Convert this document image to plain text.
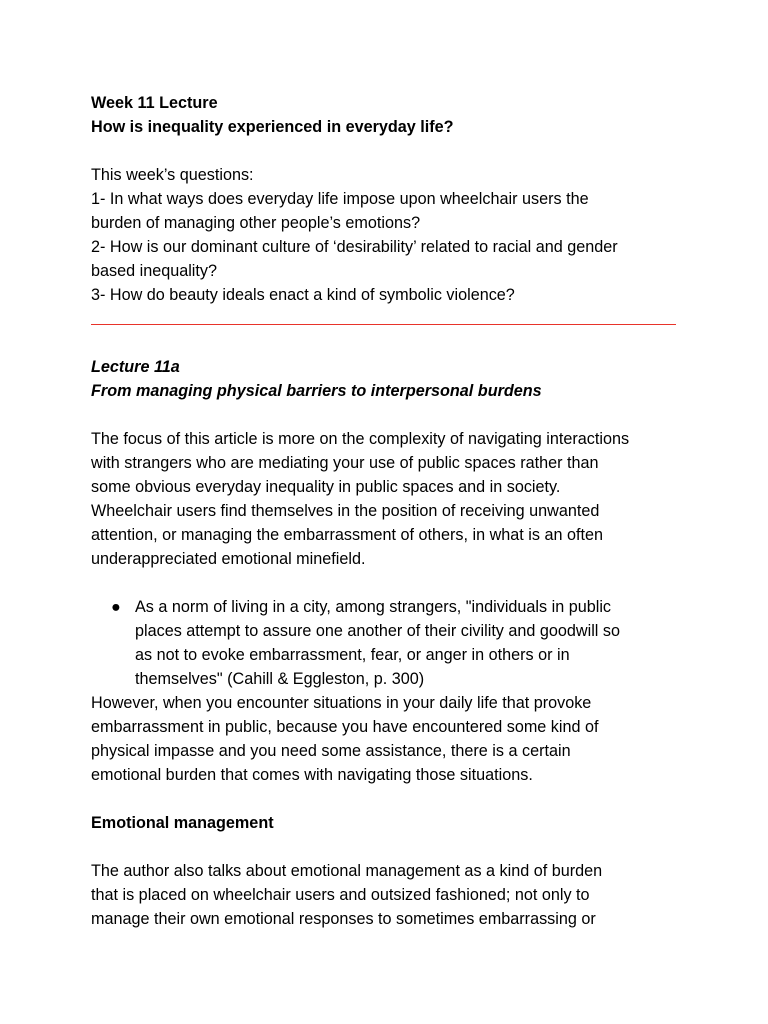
Week 11 Lecture
How is inequality experienced in everyday life?
This week’s questions:
1- In what ways does everyday life impose upon wheelchair users the
burden of managing other people’s emotions?
2- How is our dominant culture of ‘desirability’ related to racial and gender
based inequality?
3- How do beauty ideals enact a kind of symbolic violence?
Lecture 11a
From managing physical barriers to interpersonal burdens
The focus of this article is more on the complexity of navigating interactions
with strangers who are mediating your use of public spaces rather than
some obvious everyday inequality in public spaces and in society.
Wheelchair users find themselves in the position of receiving unwanted
attention, or managing the embarrassment of others, in what is an often
underappreciated emotional minefield.
● As a norm of living in a city, among strangers, "individuals in public
places attempt to assure one another of their civility and goodwill so
as not to evoke embarrassment, fear, or anger in others or in
themselves" (Cahill & Eggleston, p. 300)
However, when you encounter situations in your daily life that provoke
embarrassment in public, because you have encountered some kind of
physical impasse and you need some assistance, there is a certain
emotional burden that comes with navigating those situations.
Emotional management
The author also talks about emotional management as a kind of burden
that is placed on wheelchair users and outsized fashioned; not only to
manage their own emotional responses to sometimes embarrassing or
